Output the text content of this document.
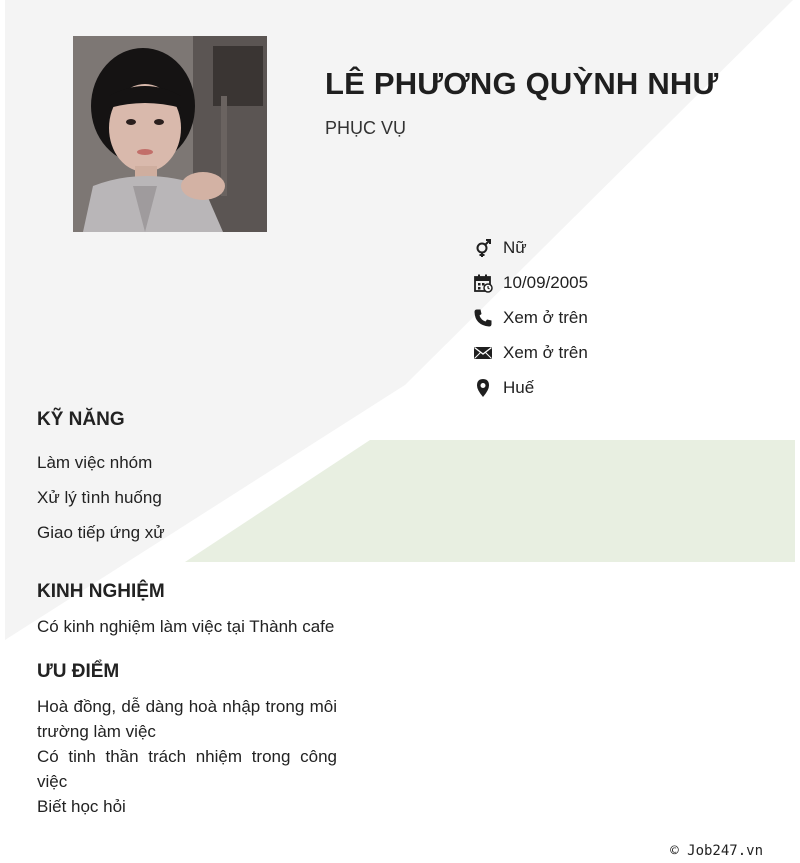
LÊ PHƯƠNG QUỲNH NHƯ
PHỤC VỤ
Nữ
10/09/2005
Xem ở trên
Xem ở trên
Huế
KỸ NĂNG
Làm việc nhóm
Xử lý tình huống
Giao tiếp ứng xử
KINH NGHIỆM
Có kinh nghiệm làm việc tại Thành cafe
ƯU ĐIỂM

Hoà đồng, dễ dàng hoà nhập trong môi trường làm việc

Có tinh thần trách nhiệm trong công việc

Biết học hỏi

© Job247.vn
